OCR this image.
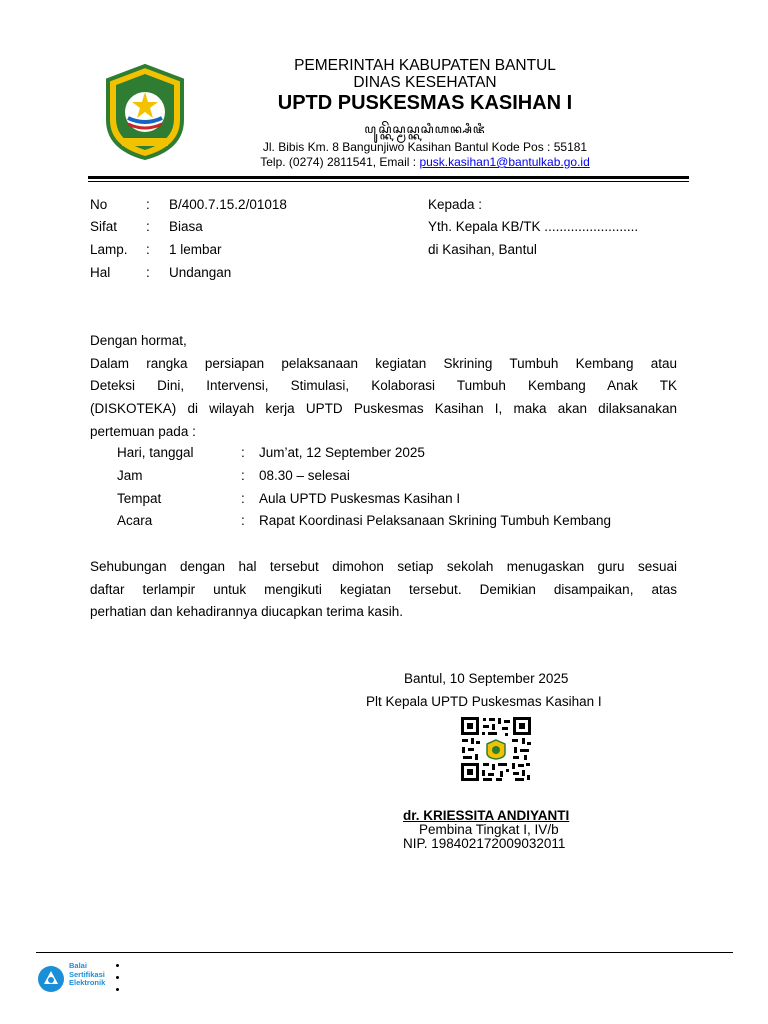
PEMERINTAH KABUPATEN BANTUL
DINAS KESEHATAN
UPTD PUSKESMAS KASIHAN I
ꦥꦸꦱ꧀ꦏꦼꦱ꧀ꦩꦱ꧀ꦏꦱꦶꦲꦤ꧀ꦱꦶꦗꦶ
Jl. Bibis Km. 8 Bangunjiwo Kasihan Bantul Kode Pos : 55181
Telp. (0274) 2811541, Email : pusk.kasihan1@bantulkab.go.id
No	: B/400.7.15.2/01018
Sifat : Biasa
Lamp. : 1 lembar
Hal	: Undangan
Kepada :
Yth. Kepala KB/TK .........................
di Kasihan, Bantul

Dengan hormat,

Dalam rangka persiapan pelaksanaan kegiatan Skrining Tumbuh Kembang atau

Deteksi Dini, Intervensi, Stimulasi, Kolaborasi Tumbuh Kembang Anak TK

(DISKOTEKA) di wilayah kerja UPTD Puskesmas Kasihan I, maka akan dilaksanakan

pertemuan pada :

Hari, tanggal	: Jum’at, 12 September 2025
Jam	: 08.30 – selesai
Tempat	: Aula UPTD Puskesmas Kasihan I
Acara	: Rapat Koordinasi Pelaksanaan Skrining Tumbuh Kembang

Sehubungan dengan hal tersebut dimohon setiap sekolah menugaskan guru sesuai

daftar terlampir untuk mengikuti kegiatan tersebut. Demikian disampaikan, atas

perhatian dan kehadirannya diucapkan terima kasih.

Bantul, 10 September 2025
Plt Kepala UPTD Puskesmas Kasihan I
dr. KRIESSITA ANDIYANTI
Pembina Tingkat I, IV/b
NIP. 198402172009032011
Balai
Sertifikasi
Elektronik
